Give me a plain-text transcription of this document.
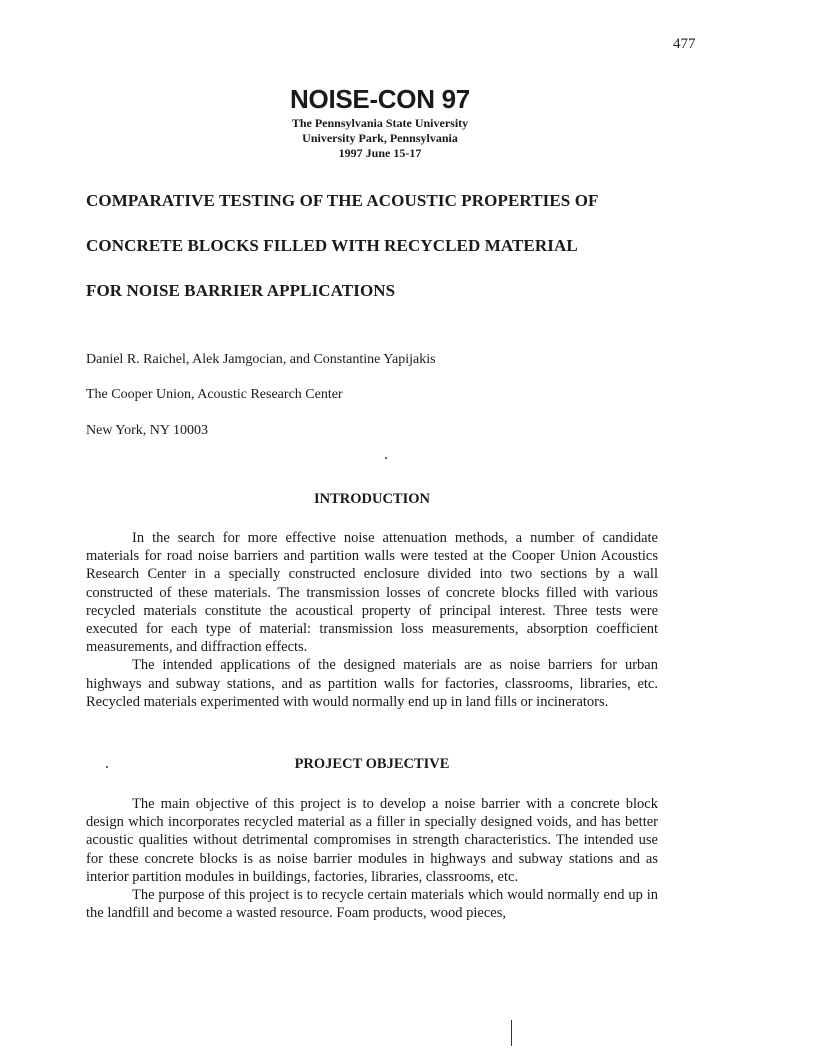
477
NOISE-CON 97
The Pennsylvania State University
University Park, Pennsylvania
1997 June 15-17
COMPARATIVE TESTING OF THE ACOUSTIC PROPERTIES OF
CONCRETE BLOCKS FILLED WITH RECYCLED MATERIAL
FOR NOISE BARRIER APPLICATIONS
Daniel R. Raichel, Alek Jamgocian, and Constantine Yapijakis
The Cooper Union, Acoustic Research Center
New York, NY 10003
INTRODUCTION

In the search for more effective noise attenuation methods, a number of candidate materials for road noise barriers and partition walls were tested at the Cooper Union Acoustics Research Center in a specially constructed enclosure divided into two sections by a wall constructed of these materials. The transmission losses of concrete blocks filled with various recycled materials constitute the acoustical property of principal interest. Three tests were executed for each type of material: transmission loss measurements, absorption coefficient measurements, and diffraction effects.

The intended applications of the designed materials are as noise barriers for urban highways and subway stations, and as partition walls for factories, classrooms, libraries, etc. Recycled materials experimented with would normally end up in land fills or incinerators.

PROJECT OBJECTIVE

The main objective of this project is to develop a noise barrier with a concrete block design which incorporates recycled material as a filler in specially designed voids, and has better acoustic qualities without detrimental compromises in strength characteristics. The intended use for these concrete blocks is as noise barrier modules in highways and subway stations and as interior partition modules in buildings, factories, libraries, classrooms, etc.

The purpose of this project is to recycle certain materials which would normally end up in the landfill and become a wasted resource. Foam products, wood pieces,
